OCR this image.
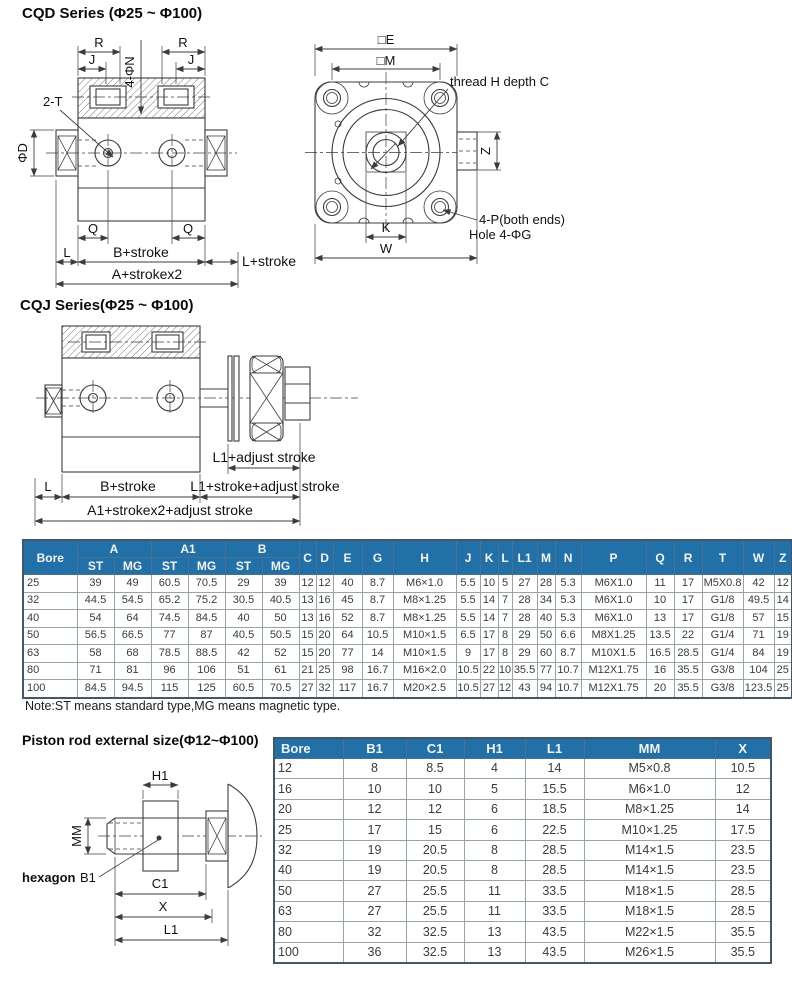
CQD Series (Φ25 ~ Φ100)
R	R
J	J
4-ΦN
2-T
ΦD
Q	Q
L	B+stroke
L+stroke
A+strokex2
□E
□M
thread H depth C
Z
4-P(both ends)
Hole 4-ΦG
K
W
CQJ Series(Φ25 ~ Φ100)
L1+adjust stroke
L	B+stroke L1+stroke+adjust stroke
A1+strokex2+adjust stroke
Bore	A		A1		B		C	D	E	G	H	J	K	L	L1	M	N	P	Q	R	T	W	Z
	ST	MG	ST	MG	ST	MG																	
25	39	49	60.5	70.5	29	39	12	12	40	8.7	M6×1.0	5.5	10	5	27	28	5.3	M6X1.0	11	17	M5X0.8	42	12
32	44.5	54.5	65.2	75.2	30.5	40.5	13	16	45	8.7	M8×1.25	5.5	14	7	28	34	5.3	M6X1.0	10	17	G1/8	49.5	14
40	54	64	74.5	84.5	40	50	13	16	52	8.7	M8×1.25	5.5	14	7	28	40	5.3	M6X1.0	13	17	G1/8	57	15
50	56.5	66.5	77	87	40.5	50.5	15	20	64	10.5	M10×1.5	6.5	17	8	29	50	6.6	M8X1.25	13.5	22	G1/4	71	19
63	58	68	78.5	88.5	42	52	15	20	77	14	M10×1.5	9	17	8	29	60	8.7	M10X1.5	16.5	28.5	G1/4	84	19
80	71	81	96	106	51	61	21	25	98	16.7	M16×2.0	10.5	22	10	35.5	77	10.7	M12X1.75	16	35.5	G3/8	104	25
100	84.5	94.5	115	125	60.5	70.5	27	32	117	16.7	M20×2.5	10.5	27	12	43	94	10.7	M12X1.75	20	35.5	G3/8	123.5	25
Note:ST means standard type,MG means magnetic type.
Piston rod external size(Φ12~Φ100)
H1
MM
hexagon B1	C1
X
L1
Bore	B1	C1	H1	L1	MM	X
12	8	8.5	4	14	M5×0.8	10.5
16	10	10	5	15.5	M6×1.0	12
20	12	12	6	18.5	M8×1.25	14
25	17	15	6	22.5	M10×1.25	17.5
32	19	20.5	8	28.5	M14×1.5	23.5
40	19	20.5	8	28.5	M14×1.5	23.5
50	27	25.5	11	33.5	M18×1.5	28.5
63	27	25.5	11	33.5	M18×1.5	28.5
80	32	32.5	13	43.5	M22×1.5	35.5
100	36	32.5	13	43.5	M26×1.5	35.5
